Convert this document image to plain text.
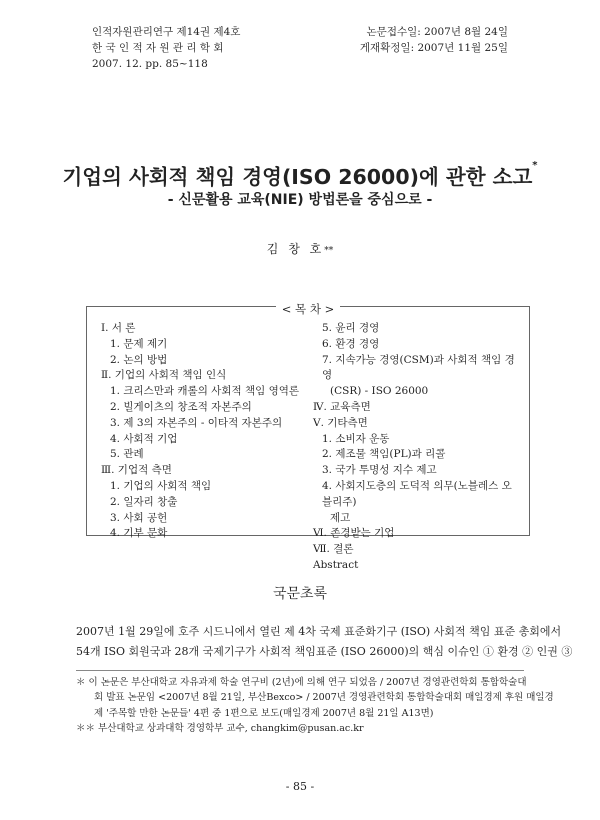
인적자원관리연구 제14권 제4호
한 국 인 적 자 원 관 리 학 회
2007. 12. pp. 85~118
논문접수일: 2007년 8월 24일
게재확정일: 2007년 11월 25일
기업의 사회적 책임 경영(ISO 26000)에 관한 소고*
- 신문활용 교육(NIE) 방법론을 중심으로 -
김 창 호**
< 목 차 >
Ⅰ. 서 론
1. 문제 제기
2. 논의 방법
Ⅱ. 기업의 사회적 책임 인식
1. 크리스만과 캐롤의 사회적 책임 영역론
2. 빌게이츠의 창조적 자본주의
3. 제 3의 자본주의 - 이타적 자본주의
4. 사회적 기업
5. 관례
Ⅲ. 기업적 측면
1. 기업의 사회적 책임
2. 일자리 창출
3. 사회 공헌
4. 기부 문화
5. 윤리 경영
6. 환경 경영
7. 지속가능 경영(CSM)과 사회적 책임 경영
(CSR) - ISO 26000
Ⅳ. 교육측면
Ⅴ. 기타측면
1. 소비자 운동
2. 제조물 책임(PL)과 리콜
3. 국가 투명성 지수 제고
4. 사회지도층의 도덕적 의무(노블레스 오블리주)
제고
Ⅵ. 존경받는 기업
Ⅶ. 결론
Abstract
국문초록
2007년 1월 29일에 호주 시드니에서 열린 제 4차 국제 표준화기구 (ISO) 사회적 책임 표준 총회에서
54개 ISO 회원국과 28개 국제기구가 사회적 책임표준 (ISO 26000)의 핵심 이슈인 ① 환경 ② 인권 ③
＊ 이 논문은 부산대학교 자유과제 학술 연구비 (2년)에 의해 연구 되었음 / 2007년 경영관련학회 통합학술대
회 발표 논문임 <2007년 8월 21일, 부산Bexco> / 2007년 경영관련학회 통합학술대회 매일경제 후원 매일경
제 '주목할 만한 논문들' 4편 중 1편으로 보도(매일경제 2007년 8월 21일 A13면)
＊＊ 부산대학교 상과대학 경영학부 교수, changkim@pusan.ac.kr
- 85 -
